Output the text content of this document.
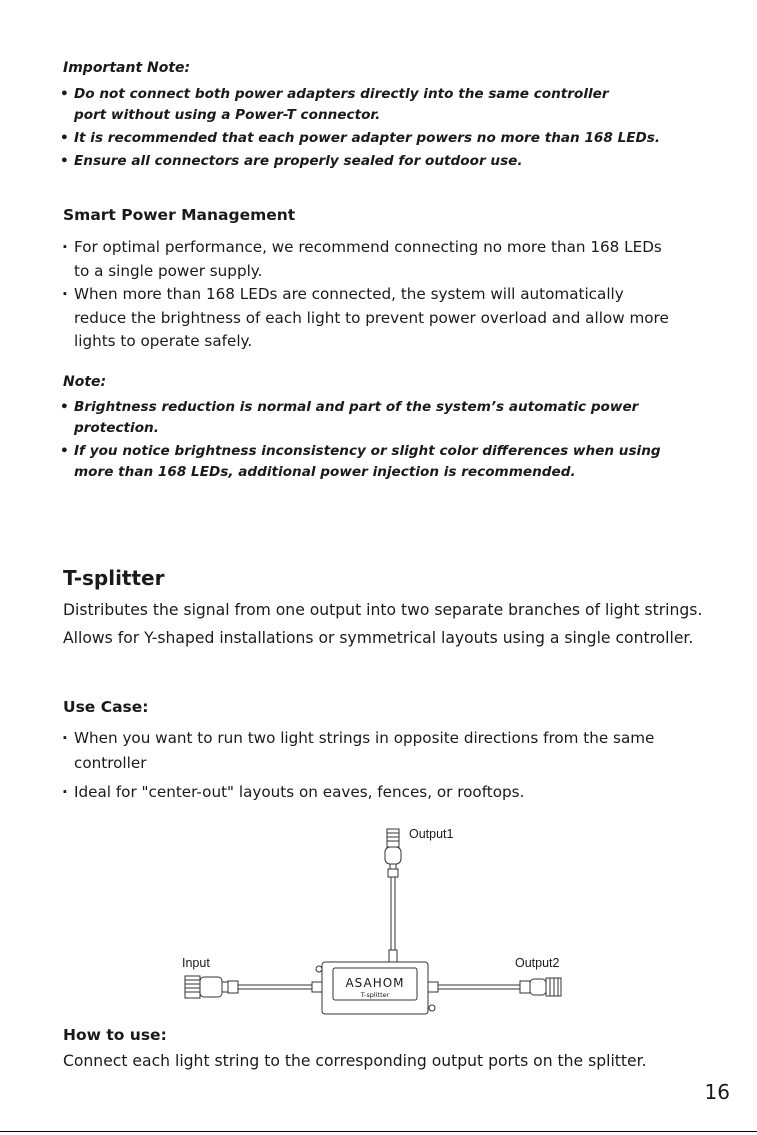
Important Note:
• Do not connect both power adapters directly into the same controller port without using a Power-T connector.
• It is recommended that each power adapter powers no more than 168 LEDs.
• Ensure all connectors are properly sealed for outdoor use.
Smart Power Management
· For optimal performance, we recommend connecting no more than 168 LEDs to a single power supply.
· When more than 168 LEDs are connected, the system will automatically reduce the brightness of each light to prevent power overload and allow more lights to operate safely.
Note:
• Brightness reduction is normal and part of the system’s automatic power protection.
• If you notice brightness inconsistency or slight color differences when using more than 168 LEDs, additional power injection is recommended.
T-splitter
Distributes the signal from one output into two separate branches of light strings. Allows for Y-shaped installations or symmetrical layouts using a single controller.
Use Case:
· When you want to run two light strings in opposite directions from the same controller
· Ideal for "center-out" layouts on eaves, fences, or rooftops.
Output1
Input	Output2
ASAHOM
T-splitter
How to use:
Connect each light string to the corresponding output ports on the splitter.
16
